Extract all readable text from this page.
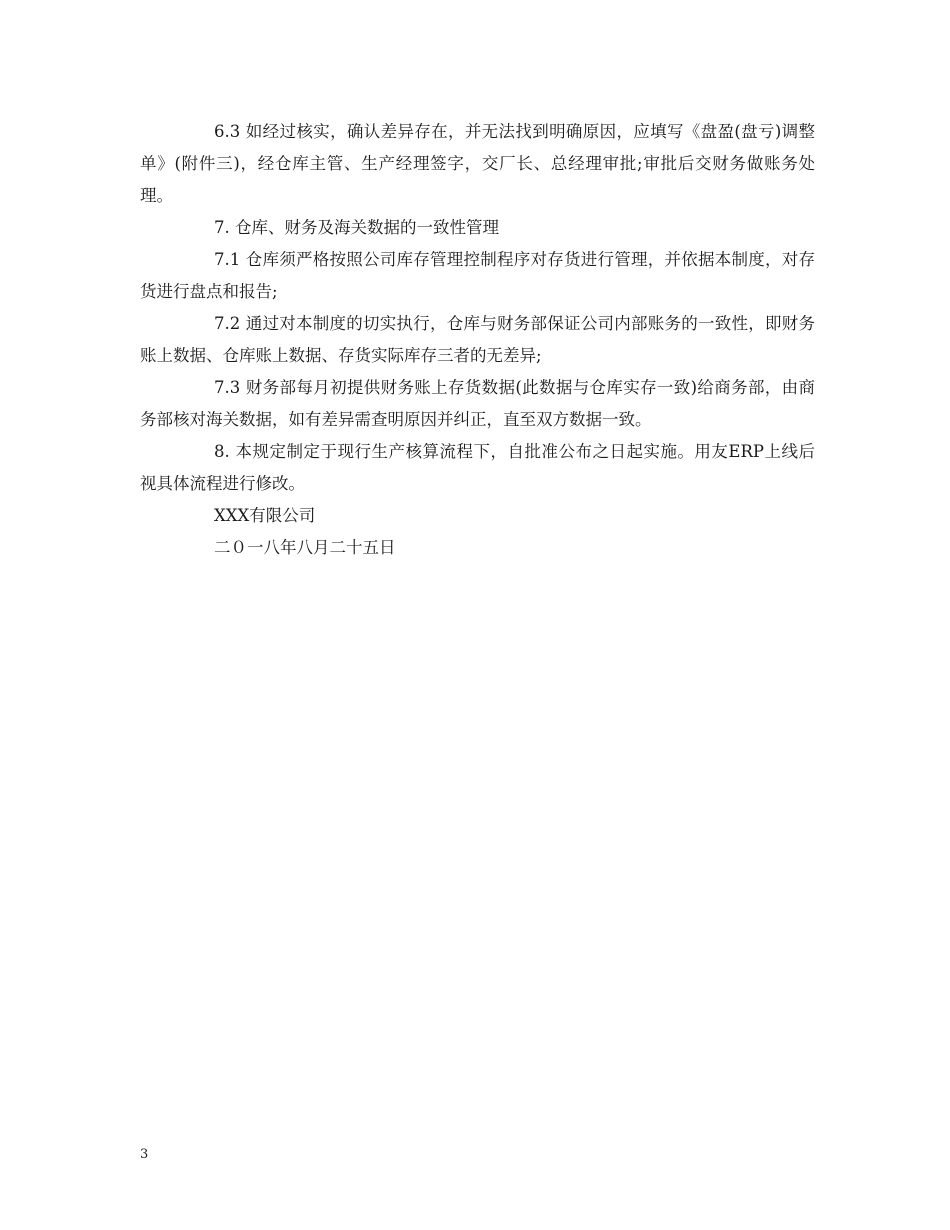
6.3 如经过核实，确认差异存在，并无法找到明确原因，应填写《盘盈(盘亏)调整单》(附件三)，经仓库主管、生产经理签字，交厂长、总经理审批;审批后交财务做账务处理。

7. 仓库、财务及海关数据的一致性管理

7.1 仓库须严格按照公司库存管理控制程序对存货进行管理，并依据本制度，对存货进行盘点和报告;

7.2 通过对本制度的切实执行，仓库与财务部保证公司内部账务的一致性，即财务账上数据、仓库账上数据、存货实际库存三者的无差异;

7.3 财务部每月初提供财务账上存货数据(此数据与仓库实存一致)给商务部，由商务部核对海关数据，如有差异需查明原因并纠正，直至双方数据一致。

8. 本规定制定于现行生产核算流程下，自批准公布之日起实施。用友ERP上线后视具体流程进行修改。

XXX有限公司

二０一八年八月二十五日

3
